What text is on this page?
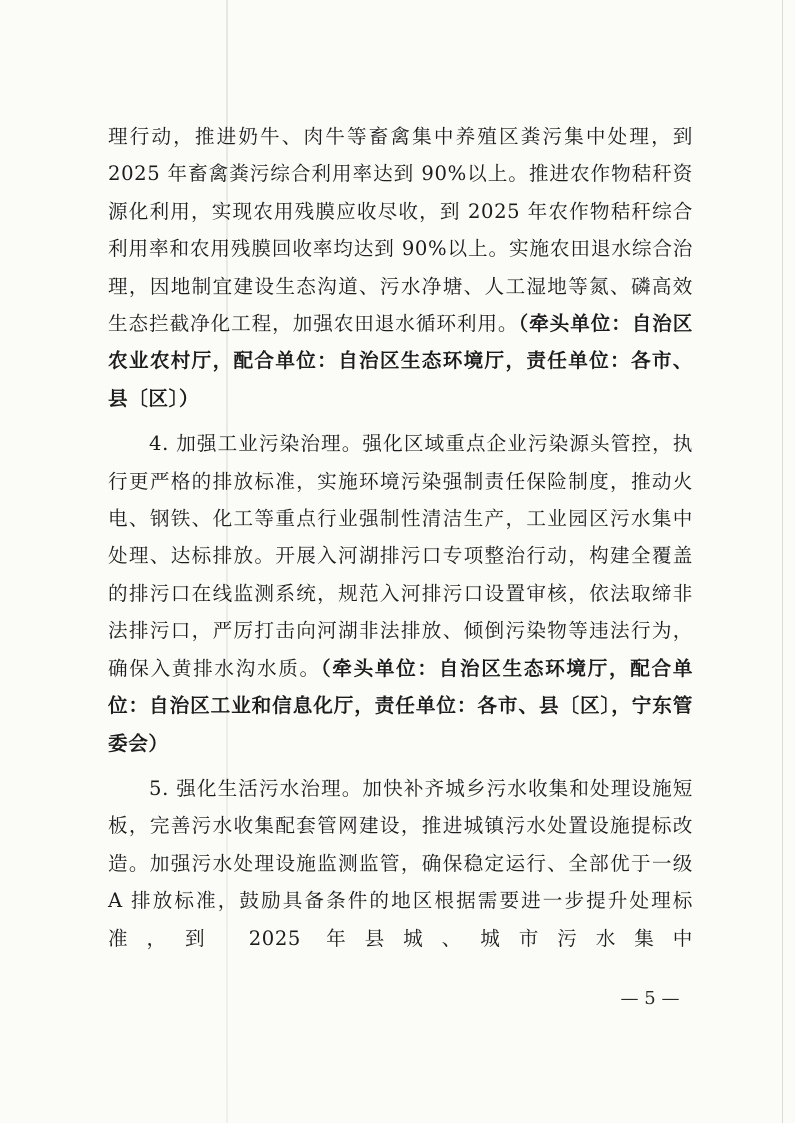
理行动，推进奶牛、肉牛等畜禽集中养殖区粪污集中处理，到 2025 年畜禽粪污综合利用率达到 90%以上。推进农作物秸秆资源化利用，实现农用残膜应收尽收，到 2025 年农作物秸秆综合利用率和农用残膜回收率均达到 90%以上。实施农田退水综合治理，因地制宜建设生态沟道、污水净塘、人工湿地等氮、磷高效生态拦截净化工程，加强农田退水循环利用。（牵头单位：自治区农业农村厅，配合单位：自治区生态环境厅，责任单位：各市、县〔区〕）

4. 加强工业污染治理。强化区域重点企业污染源头管控，执行更严格的排放标准，实施环境污染强制责任保险制度，推动火电、钢铁、化工等重点行业强制性清洁生产，工业园区污水集中处理、达标排放。开展入河湖排污口专项整治行动，构建全覆盖的排污口在线监测系统，规范入河排污口设置审核，依法取缔非法排污口，严厉打击向河湖非法排放、倾倒污染物等违法行为，确保入黄排水沟水质。（牵头单位：自治区生态环境厅，配合单位：自治区工业和信息化厅，责任单位：各市、县〔区〕，宁东管委会）

5. 强化生活污水治理。加快补齐城乡污水收集和处理设施短板，完善污水收集配套管网建设，推进城镇污水处置设施提标改造。加强污水处理设施监测监管，确保稳定运行、全部优于一级 A 排放标准，鼓励具备条件的地区根据需要进一步提升处理标准，到 2025 年县城、城市污水集中

— 5 —
